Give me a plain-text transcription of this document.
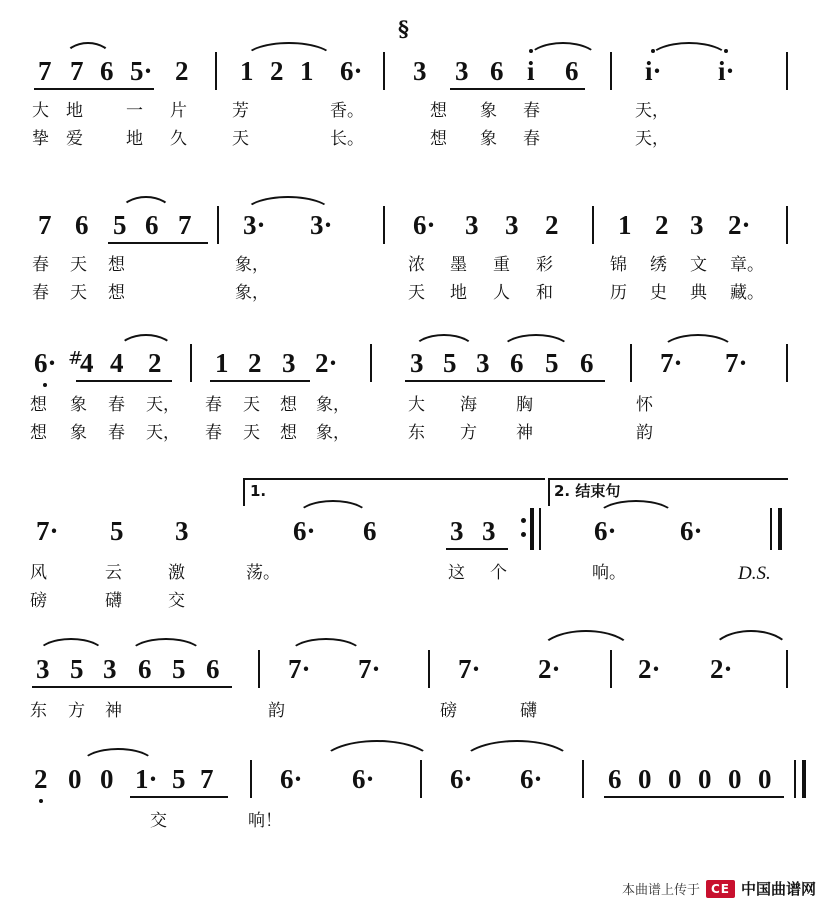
§
7 7 6 5· 2 1 2 1 6· 3 3 6 i 6 i· i·
大 地	一 片	芳	香。	想 象 春	天，
挚 爱	地 久	天	长。	想 象 春	天，
7 6 5 6 7 3· 3·	6· 3 3 2 1 2 3 2·
春 天 想	象，	浓 墨 重 彩	锦 绣 文 章。
春 天 想	象，	天 地 人 和	历 史 典 藏。
6· #
4 4 2 1 2 3 2·	3 5 3 6 5 6 7· 7·
想 象 春 天， 春 天 想 象，	大 海 胸	怀
想 象 春 天， 春 天 想 象，	东 方 神	韵
1.	2. 结束句
7· 5 3	6· 6	3 3	6· 6·
风	云	激	荡。	这 个	响。	D.S.
磅	礴	交
3 5 3 6 5 6	7· 7·	7· 2·	2· 2·
东 方 神	韵	磅	礴
2 0 0 1· 5 7 6· 6·	6· 6· 6 0 0 0 0 0
交	响！
本曲谱上传于 CE 中国曲谱网
